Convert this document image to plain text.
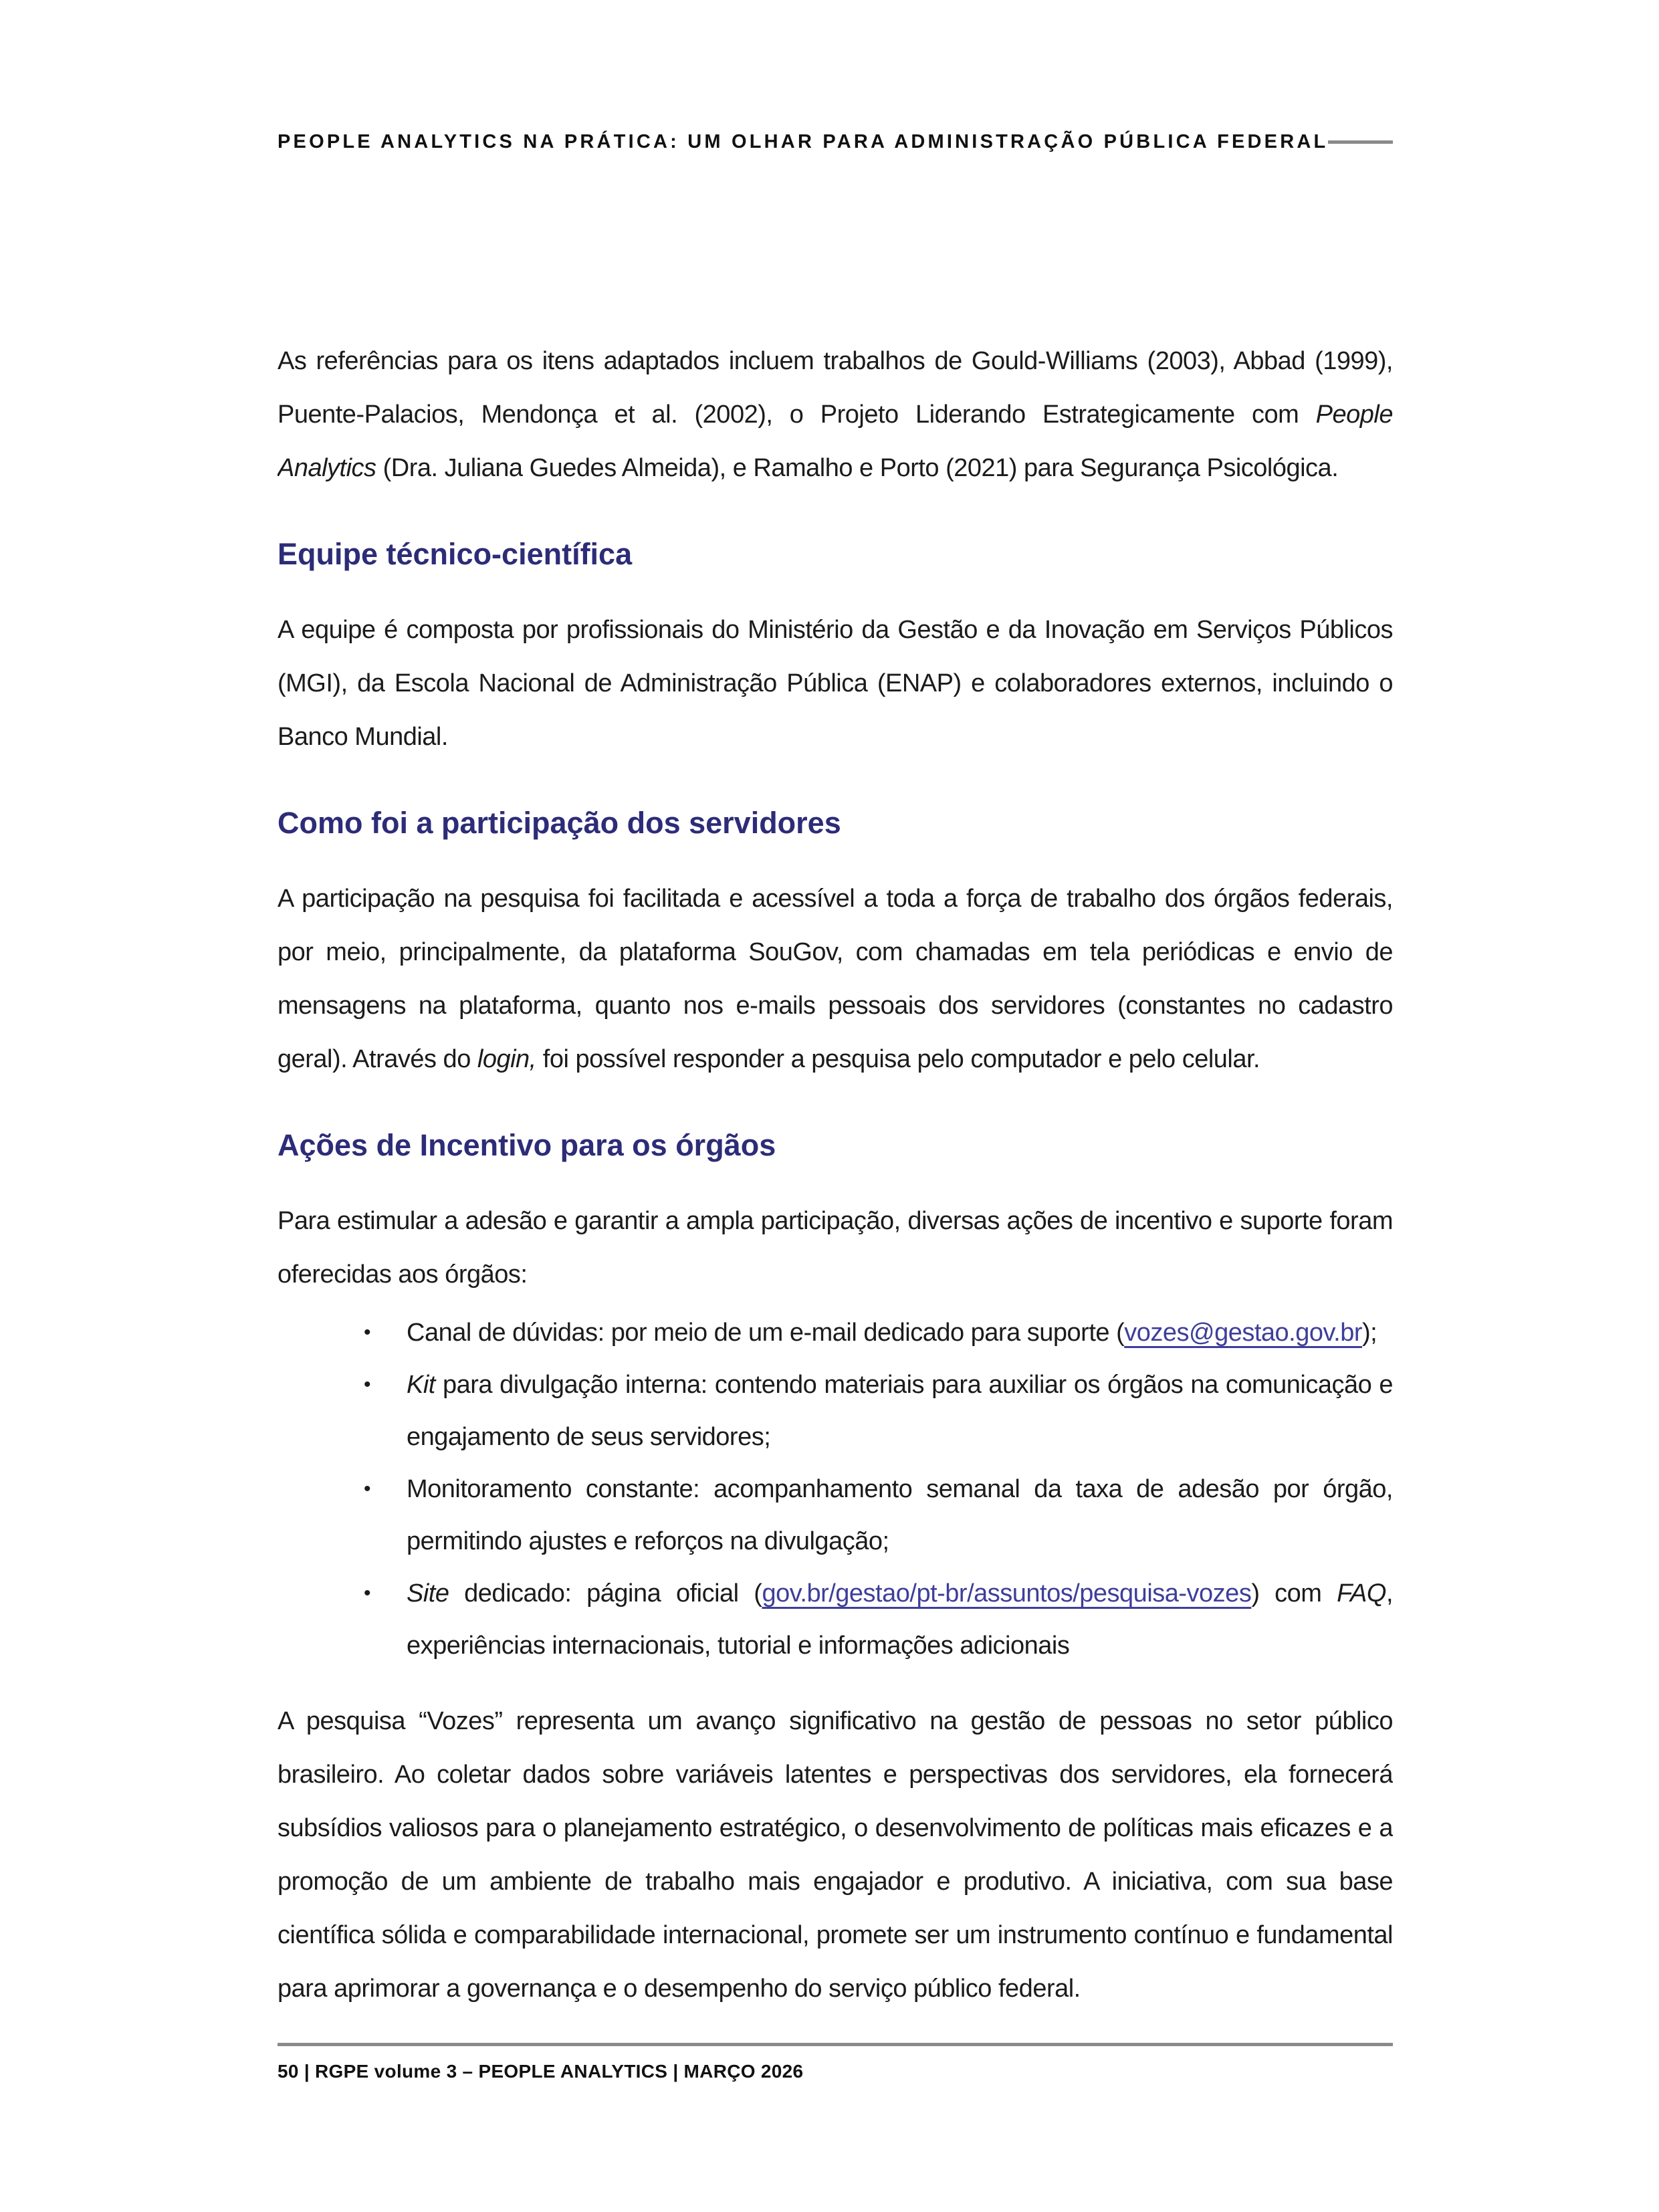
PEOPLE ANALYTICS NA PRÁTICA: UM OLHAR PARA ADMINISTRAÇÃO PÚBLICA FEDERAL

As referências para os itens adaptados incluem trabalhos de Gould-Williams (2003), Abbad (1999), Puente-Palacios, Mendonça et al. (2002), o Projeto Liderando Estrategicamente com People Analytics (Dra. Juliana Guedes Almeida), e Ramalho e Porto (2021) para Segurança Psicológica.

Equipe técnico-científica

A equipe é composta por profissionais do Ministério da Gestão e da Inovação em Serviços Públicos (MGI), da Escola Nacional de Administração Pública (ENAP) e colaboradores externos, incluindo o Banco Mundial.

Como foi a participação dos servidores

A participação na pesquisa foi facilitada e acessível a toda a força de trabalho dos órgãos federais, por meio, principalmente, da plataforma SouGov, com chamadas em tela periódicas e envio de mensagens na plataforma, quanto nos e-mails pessoais dos servidores (constantes no cadastro geral). Através do login, foi possível responder a pesquisa pelo computador e pelo celular.

Ações de Incentivo para os órgãos

Para estimular a adesão e garantir a ampla participação, diversas ações de incentivo e suporte foram oferecidas aos órgãos:

• Canal de dúvidas: por meio de um e-mail dedicado para suporte (vozes@gestao.gov.br);
• Kit para divulgação interna: contendo materiais para auxiliar os órgãos na comunicação e engajamento de seus servidores;
• Monitoramento constante: acompanhamento semanal da taxa de adesão por órgão, permitindo ajustes e reforços na divulgação;
• Site dedicado: página oficial (gov.br/gestao/pt-br/assuntos/pesquisa-vozes) com FAQ, experiências internacionais, tutorial e informações adicionais

A pesquisa “Vozes” representa um avanço significativo na gestão de pessoas no setor público brasileiro. Ao coletar dados sobre variáveis latentes e perspectivas dos servidores, ela fornecerá subsídios valiosos para o planejamento estratégico, o desenvolvimento de políticas mais eficazes e a promoção de um ambiente de trabalho mais engajador e produtivo. A iniciativa, com sua base científica sólida e comparabilidade internacional, promete ser um instrumento contínuo e fundamental para aprimorar a governança e o desempenho do serviço público federal.

50 | RGPE volume 3 – PEOPLE ANALYTICS | MARÇO 2026
